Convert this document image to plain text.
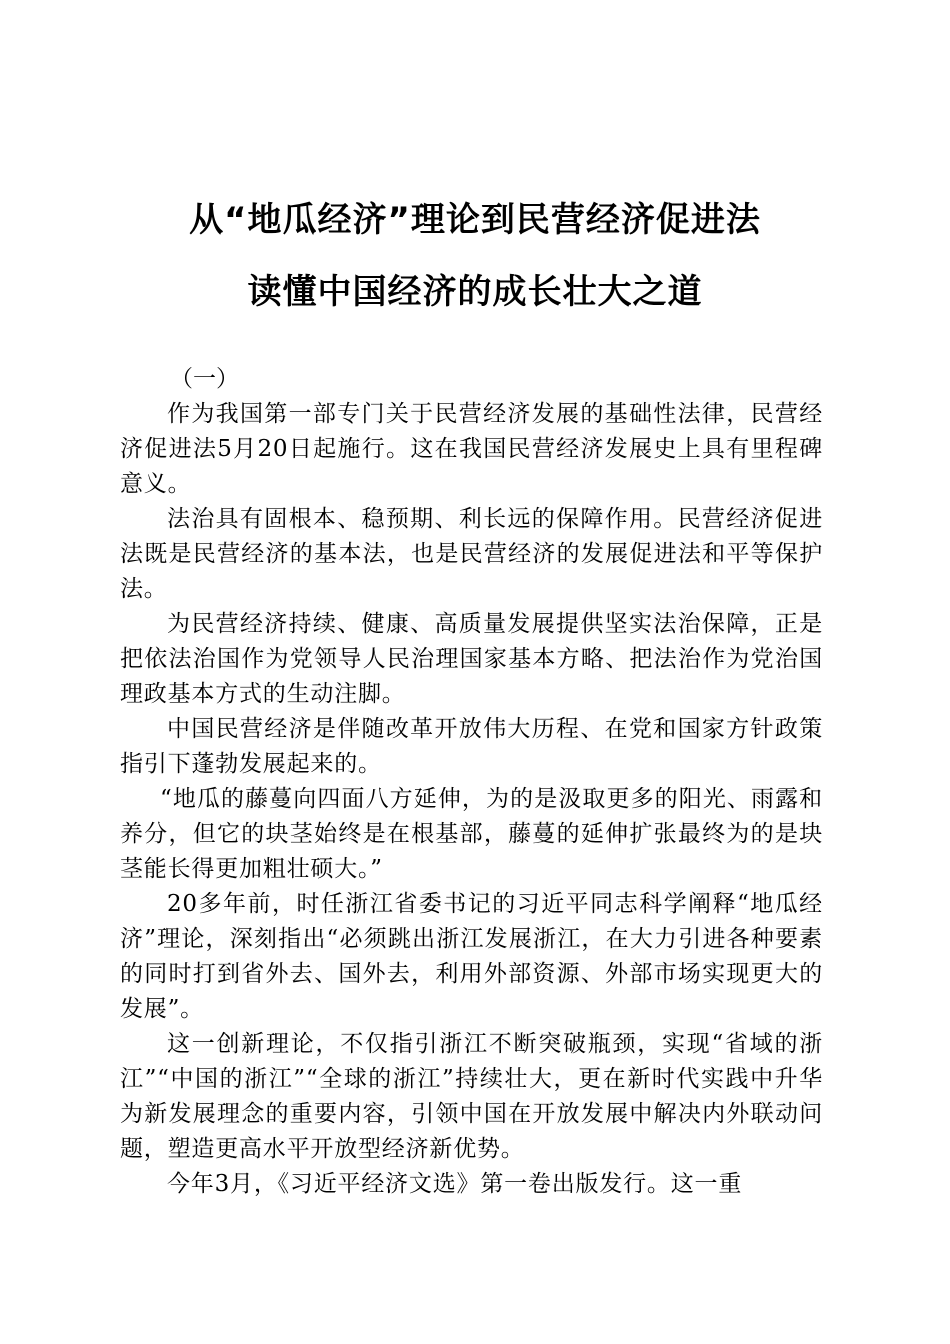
从“地瓜经济”理论到民营经济促进法
读懂中国经济的成长壮大之道

（一）

作为我国第一部专门关于民营经济发展的基础性法律，民营经济促进法5月20日起施行。这在我国民营经济发展史上具有里程碑意义。

法治具有固根本、稳预期、利长远的保障作用。民营经济促进法既是民营经济的基本法，也是民营经济的发展促进法和平等保护法。

为民营经济持续、健康、高质量发展提供坚实法治保障，正是把依法治国作为党领导人民治理国家基本方略、把法治作为党治国理政基本方式的生动注脚。

中国民营经济是伴随改革开放伟大历程、在党和国家方针政策指引下蓬勃发展起来的。

“地瓜的藤蔓向四面八方延伸，为的是汲取更多的阳光、雨露和养分，但它的块茎始终是在根基部，藤蔓的延伸扩张最终为的是块茎能长得更加粗壮硕大。”

20多年前，时任浙江省委书记的习近平同志科学阐释“地瓜经济”理论，深刻指出“必须跳出浙江发展浙江，在大力引进各种要素的同时打到省外去、国外去，利用外部资源、外部市场实现更大的发展”。

这一创新理论，不仅指引浙江不断突破瓶颈，实现“省域的浙江”“中国的浙江”“全球的浙江”持续壮大，更在新时代实践中升华为新发展理念的重要内容，引领中国在开放发展中解决内外联动问题，塑造更高水平开放型经济新优势。

今年3月，《习近平经济文选》第一卷出版发行。这一重
